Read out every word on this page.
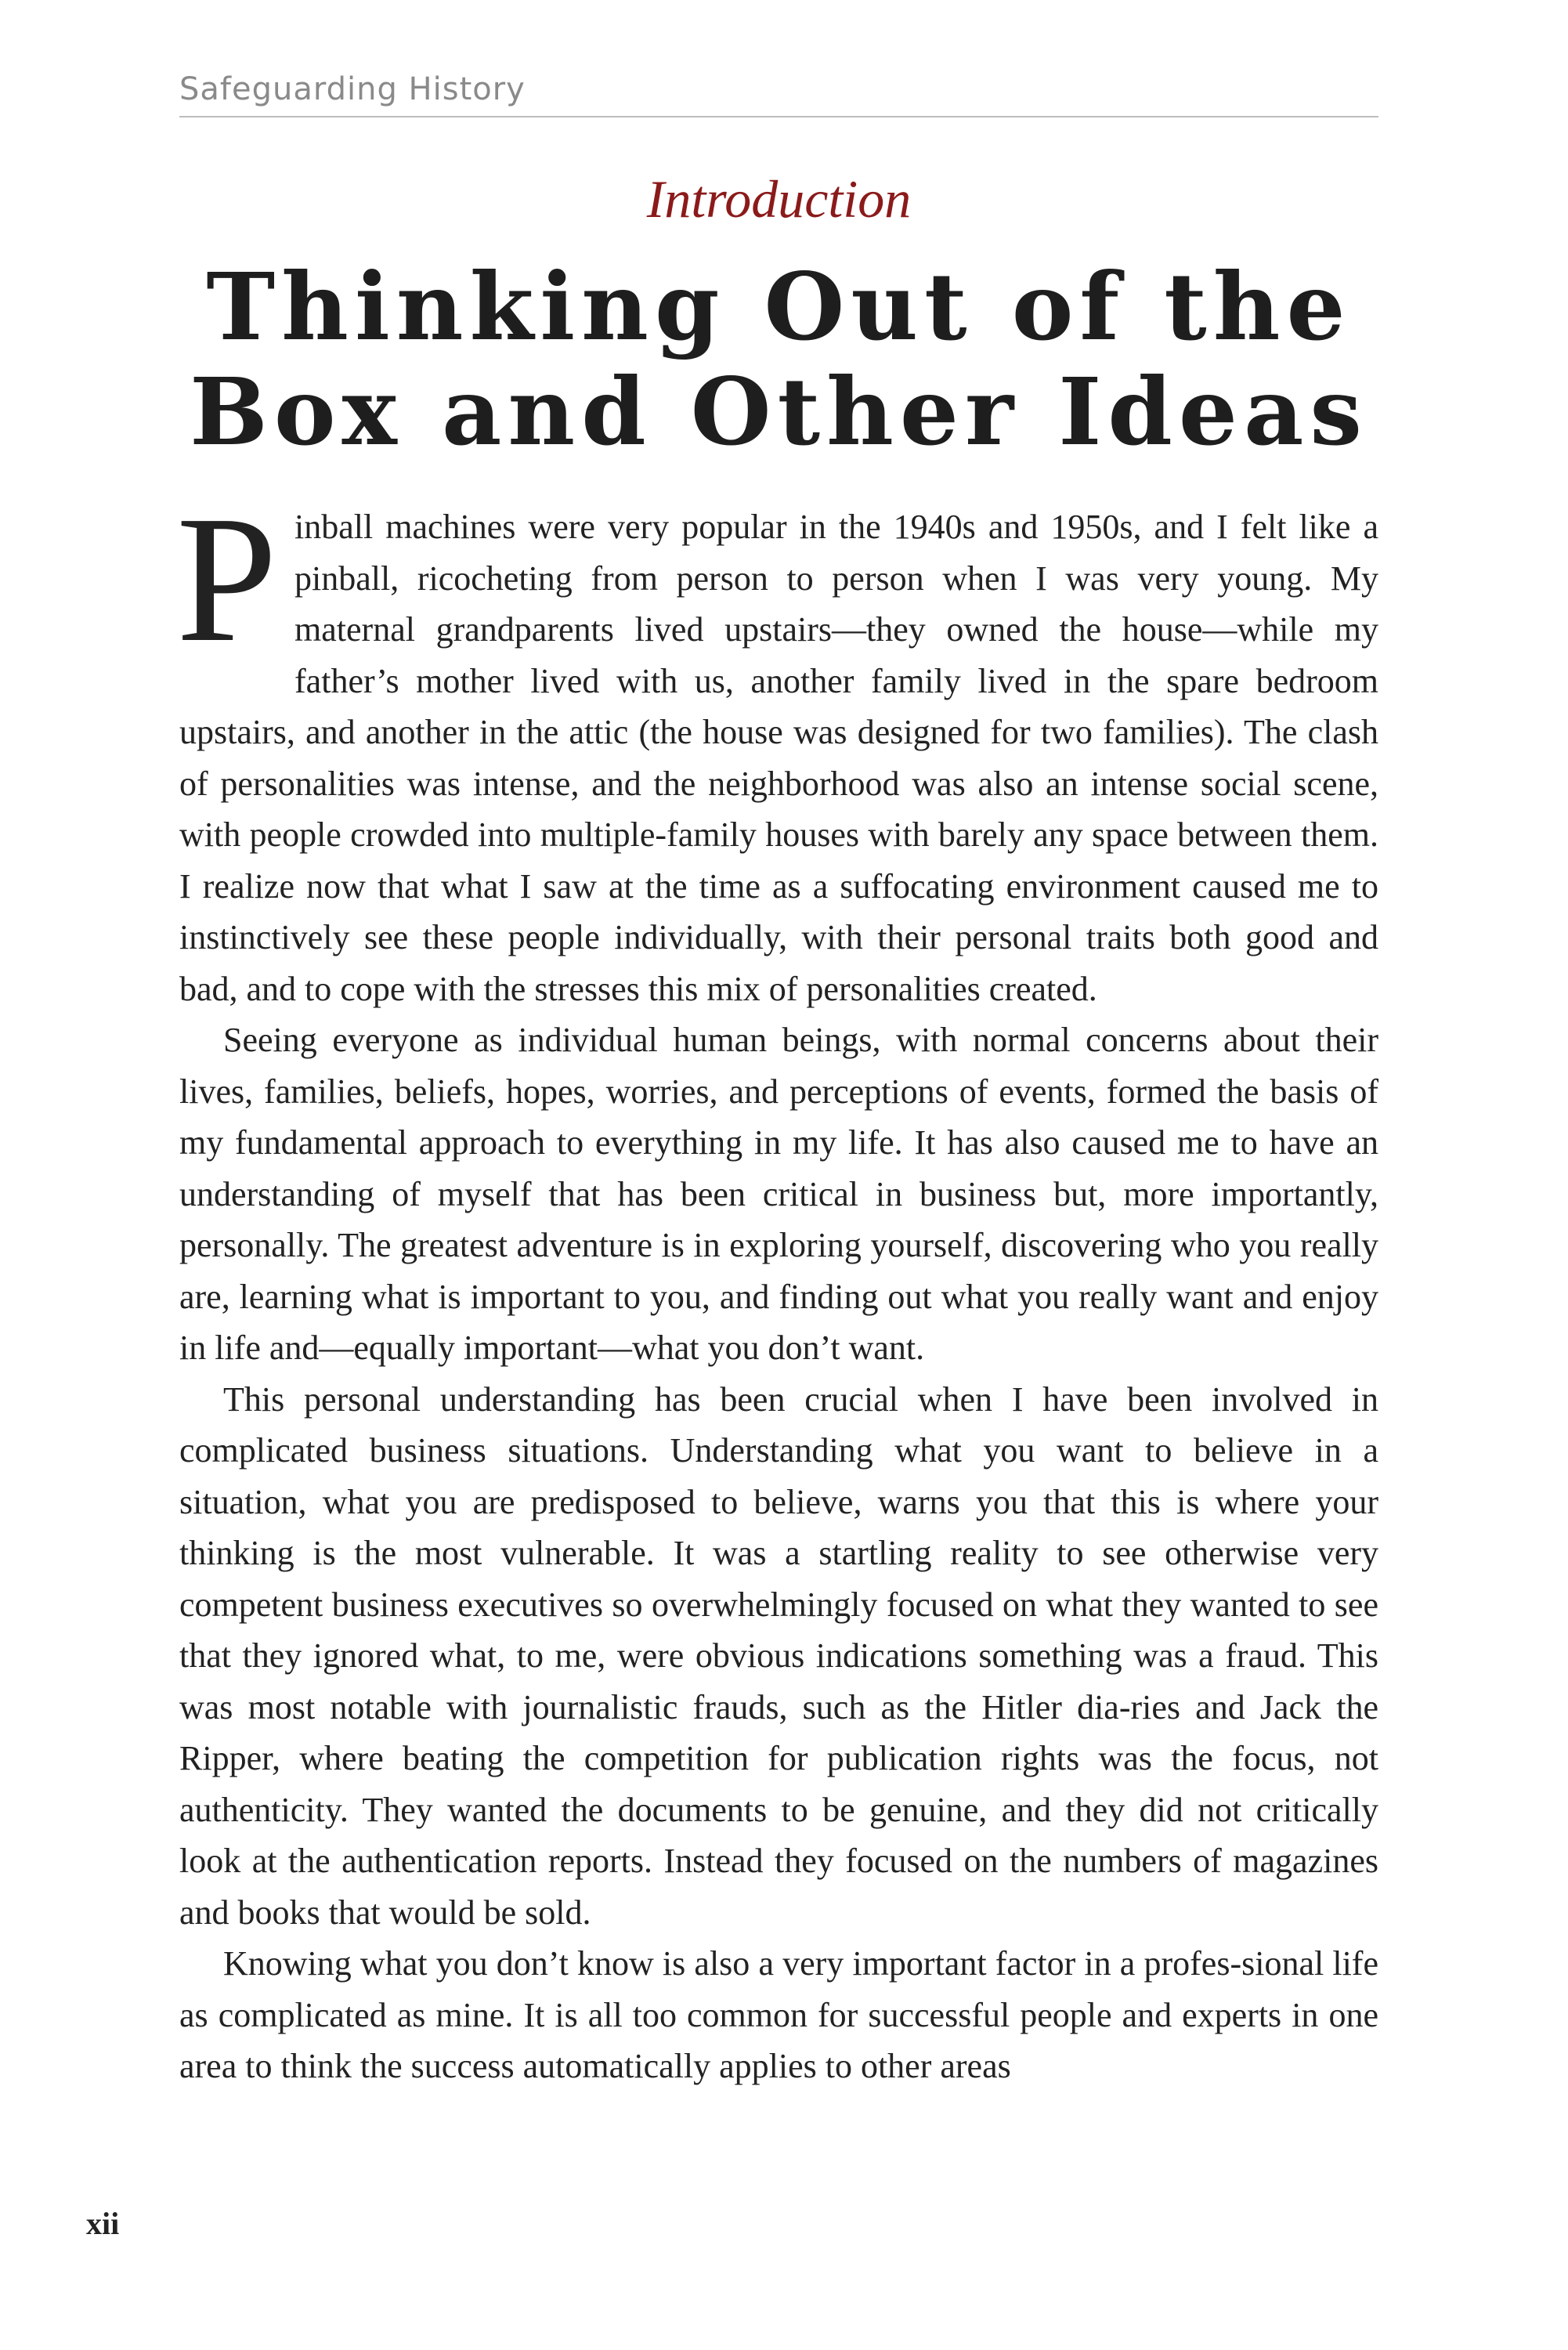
Safeguarding History
Introduction
Thinking Out of the
Box and Other Ideas

Pinball machines were very popular in the 1940s and 1950s, and I felt like a pinball, ricocheting from person to person when I was very young. My maternal grandparents lived upstairs—they owned the house—while my father’s mother lived with us, another family lived in the spare bedroom upstairs, and another in the attic (the house was designed for two families). The clash of personalities was intense, and the neighborhood was also an intense social scene, with people crowded into multiple-family houses with barely any space between them. I realize now that what I saw at the time as a suffocating environment caused me to instinctively see these people individually, with their personal traits both good and bad, and to cope with the stresses this mix of personalities created.

Seeing everyone as individual human beings, with normal concerns about their lives, families, beliefs, hopes, worries, and perceptions of events, formed the basis of my fundamental approach to everything in my life. It has also caused me to have an understanding of myself that has been critical in business but, more importantly, personally. The greatest adventure is in exploring yourself, discovering who you really are, learning what is important to you, and finding out what you really want and enjoy in life and—equally important—what you don’t want.

This personal understanding has been crucial when I have been involved in complicated business situations. Understanding what you want to believe in a situation, what you are predisposed to believe, warns you that this is where your thinking is the most vulnerable. It was a startling reality to see otherwise very competent business executives so overwhelmingly focused on what they wanted to see that they ignored what, to me, were obvious indications something was a fraud. This was most notable with journalistic frauds, such as the Hitler dia-ries and Jack the Ripper, where beating the competition for publication rights was the focus, not authenticity. They wanted the documents to be genuine, and they did not critically look at the authentication reports. Instead they focused on the numbers of magazines and books that would be sold.

Knowing what you don’t know is also a very important factor in a profes-sional life as complicated as mine. It is all too common for successful people and experts in one area to think the success automatically applies to other areas

xii
